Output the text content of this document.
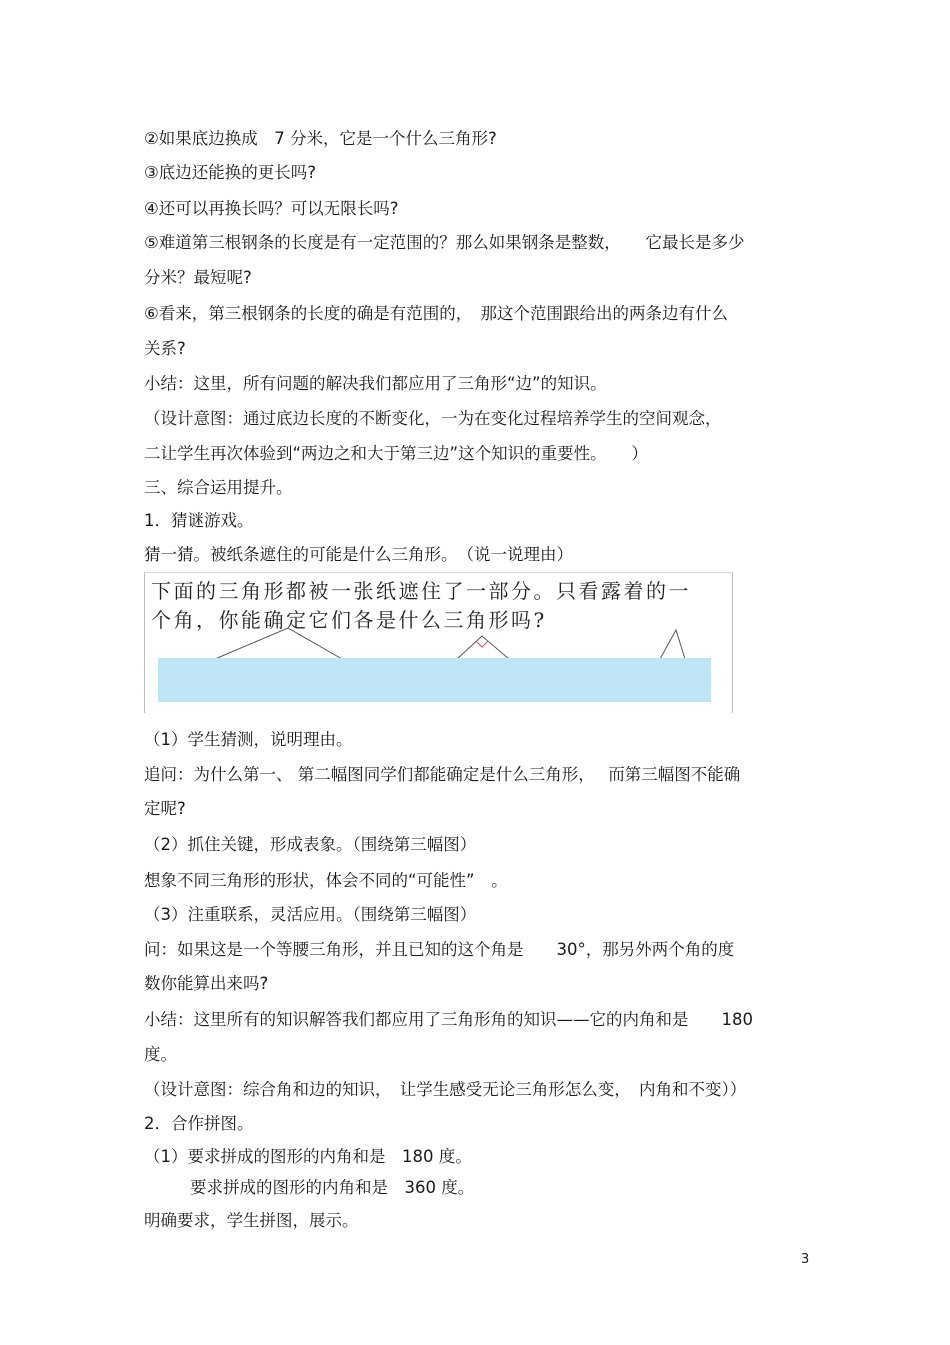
②如果底边换成　7 分米，它是一个什么三角形?
③底边还能换的更长吗?
④还可以再换长吗？可以无限长吗?
⑤难道第三根钢条的长度是有一定范围的？那么如果钢条是整数，　　它最长是多少
分米？最短呢?
⑥看来，第三根钢条的长度的确是有范围的，　那这个范围跟给出的两条边有什么
关系?
小结：这里，所有问题的解决我们都应用了三角形“边”的知识。
（设计意图：通过底边长度的不断变化，一为在变化过程培养学生的空间观念，
二让学生再次体验到“两边之和大于第三边”这个知识的重要性。　　）
三、综合运用提升。
1．猜谜游戏。
猜一猜。被纸条遮住的可能是什么三角形。　（说一说理由）
下面的三角形都被一张纸遮住了一部分。只看露着的一
个角，你能确定它们各是什么三角形吗?
（1）学生猜测，说明理由。
追问：为什么第一、 第二幅图同学们都能确定是什么三角形，　 而第三幅图不能确
定呢?
（2）抓住关键，形成表象。（围绕第三幅图）
想象不同三角形的形状，体会不同的“可能性”　。
（3）注重联系，灵活应用。（围绕第三幅图）
问：如果这是一个等腰三角形，并且已知的这个角是　　30°，那另外两个角的度
数你能算出来吗?
小结：这里所有的知识解答我们都应用了三角形角的知识——它的内角和是　　180
度。
（设计意图：综合角和边的知识，　让学生感受无论三角形怎么变，　内角和不变））
2．合作拼图。
（1）要求拼成的图形的内角和是　180 度。
要求拼成的图形的内角和是　360 度。
明确要求，学生拼图，展示。
3
